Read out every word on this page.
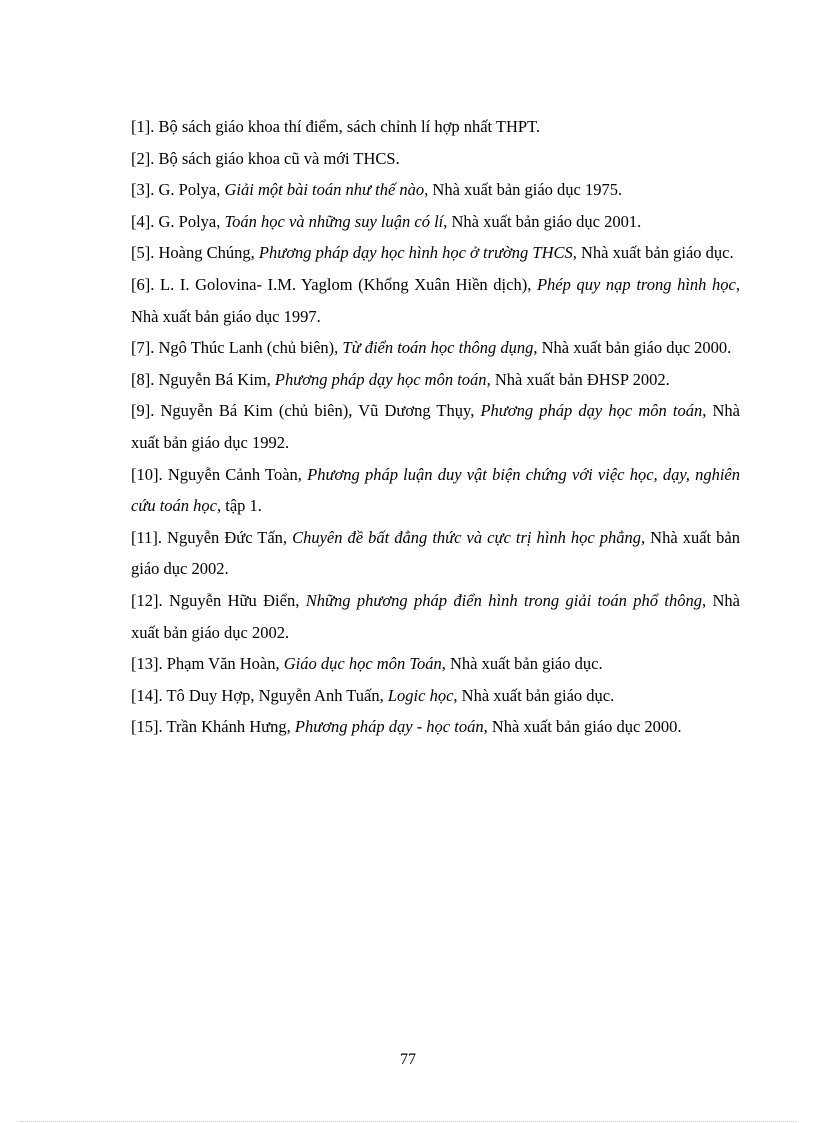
[1]. Bộ sách giáo khoa thí điểm, sách chỉnh lí hợp nhất THPT.
[2]. Bộ sách giáo khoa cũ và mới THCS.
[3]. G. Polya, Giải một bài toán như thế nào, Nhà xuất bản giáo dục 1975.
[4]. G. Polya, Toán học và những suy luận có lí, Nhà xuất bản giáo dục 2001.
[5]. Hoàng Chúng, Phương pháp dạy học hình học ở trường THCS, Nhà xuất bản giáo dục.
[6]. L. I. Golovina- I.M. Yaglom (Khổng Xuân Hiền dịch), Phép quy nạp trong hình học, Nhà xuất bản giáo dục 1997.
[7]. Ngô Thúc Lanh (chủ biên), Từ điển toán học thông dụng, Nhà xuất bản giáo dục 2000.
[8]. Nguyễn Bá Kim, Phương pháp dạy học môn toán, Nhà xuất bản ĐHSP 2002.
[9]. Nguyễn Bá Kim (chủ biên), Vũ Dương Thụy, Phương pháp dạy học môn toán, Nhà xuất bản giáo dục 1992.
[10]. Nguyễn Cảnh Toàn, Phương pháp luận duy vật biện chứng với việc học, dạy, nghiên cứu toán học, tập 1.
[11]. Nguyễn Đức Tấn, Chuyên đề bất đẳng thức và cực trị hình học phẳng, Nhà xuất bản giáo dục 2002.
[12]. Nguyễn Hữu Điển, Những phương pháp điển hình trong giải toán phổ thông, Nhà xuất bản giáo dục 2002.
[13]. Phạm Văn Hoàn, Giáo dục học môn Toán, Nhà xuất bản giáo dục.
[14]. Tô Duy Hợp, Nguyễn Anh Tuấn, Logic học, Nhà xuất bản giáo dục.
[15]. Trần Khánh Hưng, Phương pháp dạy - học toán, Nhà xuất bản giáo dục 2000.
77
